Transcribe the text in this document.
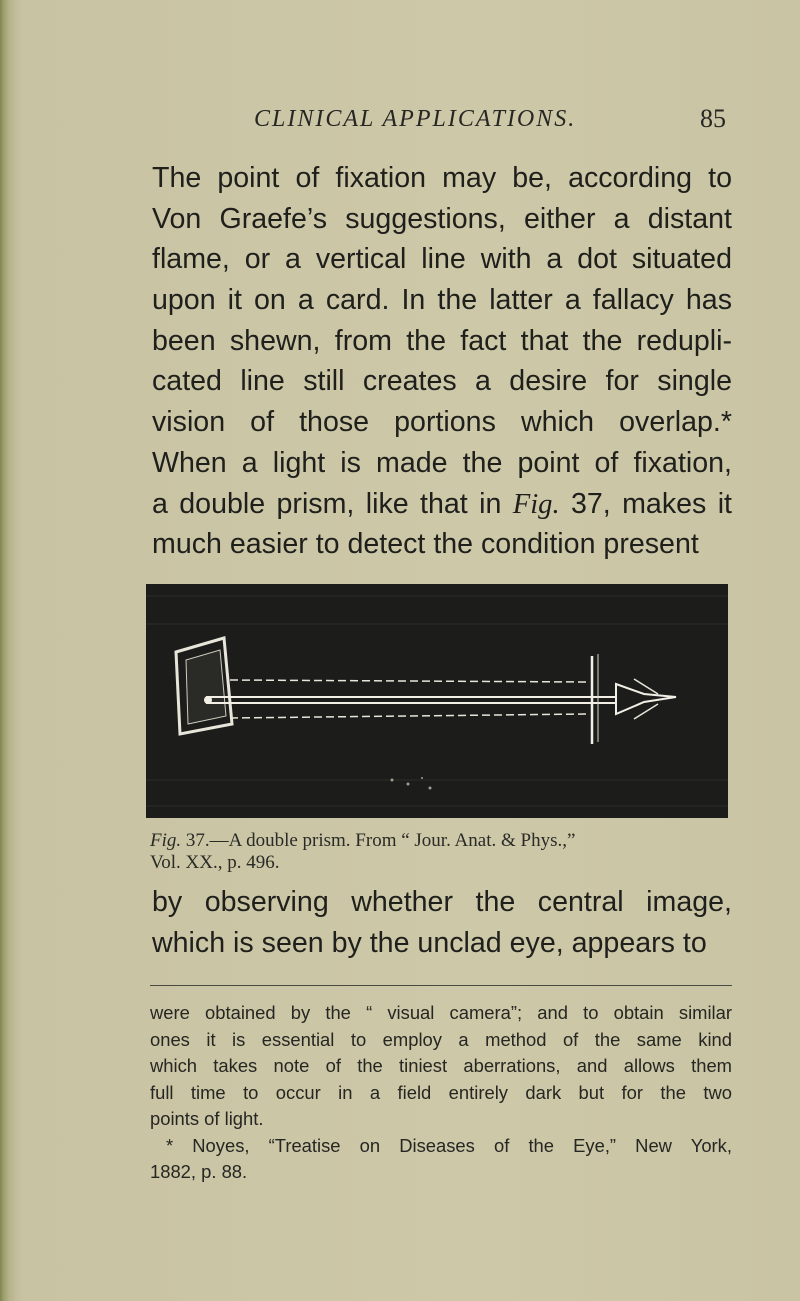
CLINICAL APPLICATIONS.	85
The point of fixation may be, according to
Von Graefe’s suggestions, either a distant
flame, or a vertical line with a dot situated
upon it on a card. In the latter a fallacy has
been shewn, from the fact that the redupli-
cated line still creates a desire for single
vision of those portions which overlap.*
When a light is made the point of fixation,
a double prism, like that in Fig. 37, makes it
much easier to detect the condition present
Fig. 37.—A double prism. From “ Jour. Anat. & Phys.,”
Vol. XX., p. 496.
by observing whether the central image,
which is seen by the unclad eye, appears to
were obtained by the “ visual camera”; and to obtain similar
ones it is essential to employ a method of the same kind
which takes note of the tiniest aberrations, and allows them
full time to occur in a field entirely dark but for the two
points of light.
* Noyes, “Treatise on Diseases of the Eye,” New York,
1882, p. 88.
